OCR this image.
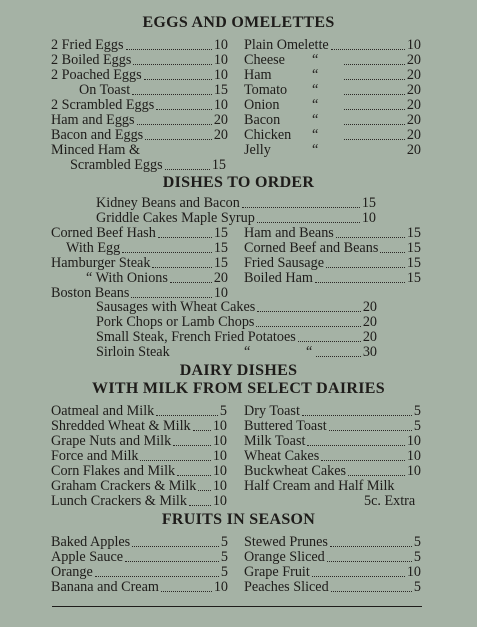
EGGS AND OMELETTES
2 Fried Eggs	10
2 Boiled Eggs	10
2 Poached Eggs	10
On Toast	15
2 Scrambled Eggs	10
Ham and Eggs	20
Bacon and Eggs	20
Minced Ham &
Scrambled Eggs	15
Plain Omelette	10
Cheese	“	20
Ham	“	20
Tomato	“	20
Onion	“	20
Bacon	“	20
Chicken	“	20
Jelly	“	20
DISHES TO ORDER
Kidney Beans and Bacon	15
Griddle Cakes Maple Syrup	10
Corned Beef Hash	15
With Egg	15
Hamburger Steak	15
“ With Onions	20
Boston Beans	10
Ham and Beans	15
Corned Beef and Beans 15
Fried Sausage	15
Boiled Ham	15
Sausages with Wheat Cakes	20
Pork Chops or Lamb Chops	20
Small Steak, French Fried Potatoes	20
Sirloin Steak	“	“	30
DAIRY DISHES
WITH MILK FROM SELECT DAIRIES
Oatmeal and Milk	5
Shredded Wheat & Milk 10
Grape Nuts and Milk	10
Force and Milk	10
Corn Flakes and Milk	10
Graham Crackers & Milk 10
Lunch Crackers & Milk 10
Dry Toast	5
Buttered Toast	5
Milk Toast	10
Wheat Cakes	10
Buckwheat Cakes	10
Half Cream and Half Milk
5c. Extra
FRUITS IN SEASON
Baked Apples	5
Apple Sauce	5
Orange	5
Banana and Cream	10
Stewed Prunes	5
Orange Sliced	5
Grape Fruit	10
Peaches Sliced	5
